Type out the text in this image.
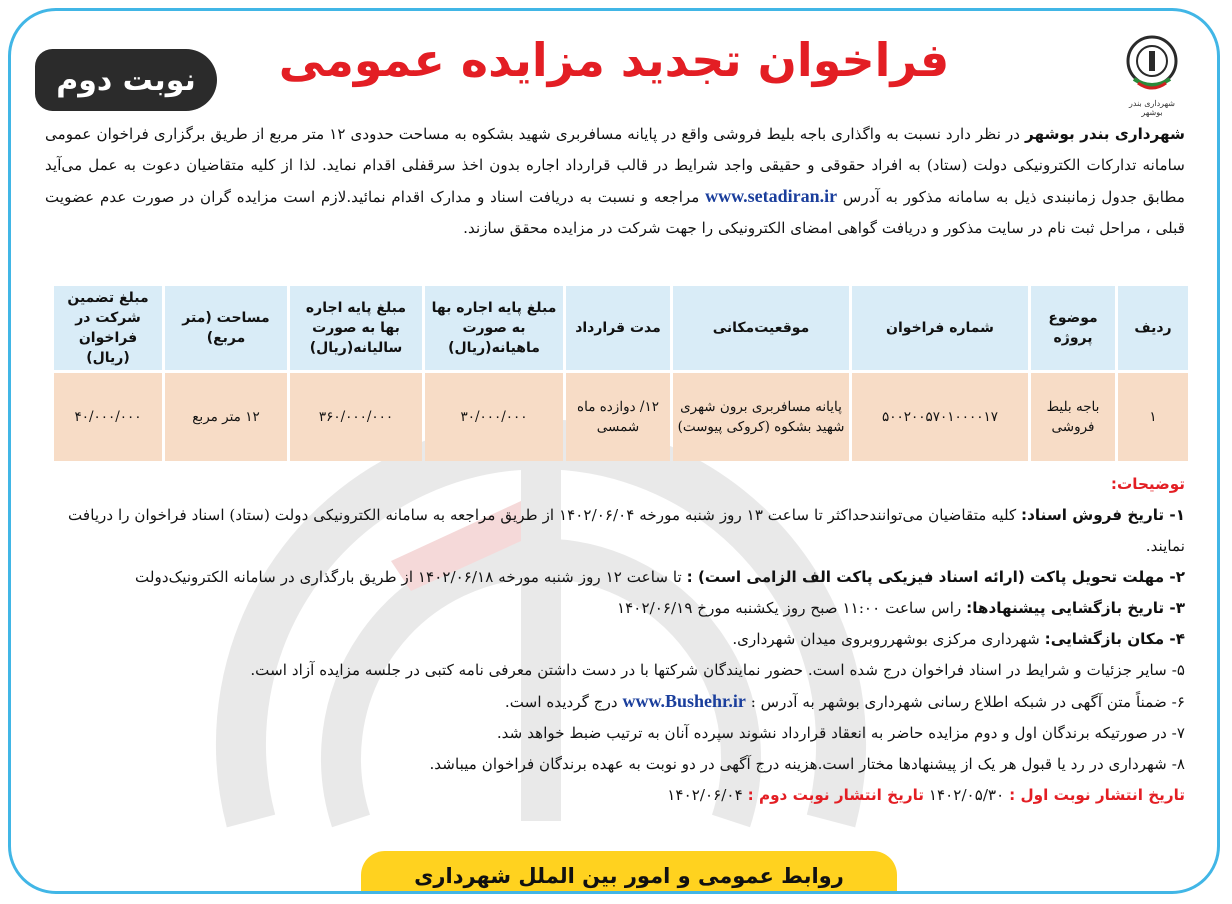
شهرداری بندر بوشهر
فراخوان تجدید مزایده عمومی
نوبت دوم
شهرداری بندر بوشهر در نظر دارد نسبت به واگذاری باجه بلیط فروشی واقع در پایانه مسافربری شهید بشکوه به مساحت حدودی ۱۲ متر مربع از طریق برگزاری فراخوان عمومی سامانه تدارکات الکترونیکی دولت (ستاد) به افراد حقوقی و حقیقی واجد شرایط در قالب قرارداد اجاره بدون اخذ سرقفلی اقدام نماید. لذا از کلیه متقاضیان دعوت به عمل می‌آید مطابق جدول زمانبندی ذیل به سامانه مذکور به آدرس www.setadiran.ir مراجعه و نسبت به دریافت اسناد و مدارک اقدام نمائید.لازم است مزایده گران در صورت عدم عضویت قبلی ، مراحل ثبت نام در سایت مذکور و دریافت گواهی امضای الکترونیکی را جهت شرکت در مزایده محقق سازند.
ردیف	موضوع پروژه	شماره فراخوان	موقعیت‌مکانی	مدت قرارداد	مبلغ پایه اجاره بها به صورت ماهیانه(ریال)	مبلغ پایه اجاره بها به صورت سالیانه(ریال)	مساحت (متر مربع)	مبلغ تضمین شرکت در فراخوان (ریال)
۱	باجه بلیط فروشی	۵۰۰۲۰۰۵۷۰۱۰۰۰۰۱۷	پایانه مسافربری برون شهری شهید بشکوه (کروکی پیوست)	۱۲/ دوازده ماه شمسی	۳۰/۰۰۰/۰۰۰	۳۶۰/۰۰۰/۰۰۰	۱۲ متر مربع	۴۰/۰۰۰/۰۰۰

توضیحات:

۱- تاریخ فروش اسناد: کلیه متقاضیان می‌توانندحداکثر تا ساعت ۱۳ روز شنبه مورخه ۱۴۰۲/۰۶/۰۴ از طریق مراجعه به سامانه الکترونیکی دولت (ستاد) اسناد فراخوان را دریافت نمایند.

۲- مهلت تحویل پاکت (ارائه اسناد فیزیکی پاکت الف الزامی است) : تا ساعت ۱۲ روز شنبه مورخه ۱۴۰۲/۰۶/۱۸ از طریق بارگذاری در سامانه الکترونیک‌دولت

۳- تاریخ بازگشایی پیشنهادها: راس ساعت ۱۱:۰۰ صبح روز یکشنبه مورخ ۱۴۰۲/۰۶/۱۹

۴- مکان بازگشایی: شهرداری مرکزی بوشهرروبروی میدان شهرداری.

۵- سایر جزئیات و شرایط در اسناد فراخوان درج شده است. حضور نمایندگان شرکتها با در دست داشتن معرفی نامه کتبی در جلسه مزایده آزاد است.

۶- ضمناً متن آگهی در شبکه اطلاع رسانی شهرداری بوشهر به آدرس : www.Bushehr.ir درج گردیده است.

۷- در صورتیکه برندگان اول و دوم مزایده حاضر به انعقاد قرارداد نشوند سپرده آنان به ترتیب ضبط خواهد شد.

۸- شهرداری در رد یا قبول هر یک از پیشنهادها مختار است.هزینه درج آگهی در دو نوبت به عهده برندگان فراخوان میباشد.

تاریخ انتشار نوبت اول : ۱۴۰۲/۰۵/۳۰ تاریخ انتشار نوبت دوم : ۱۴۰۲/۰۶/۰۴

روابط عمومی و امور بین الملل شهرداری
